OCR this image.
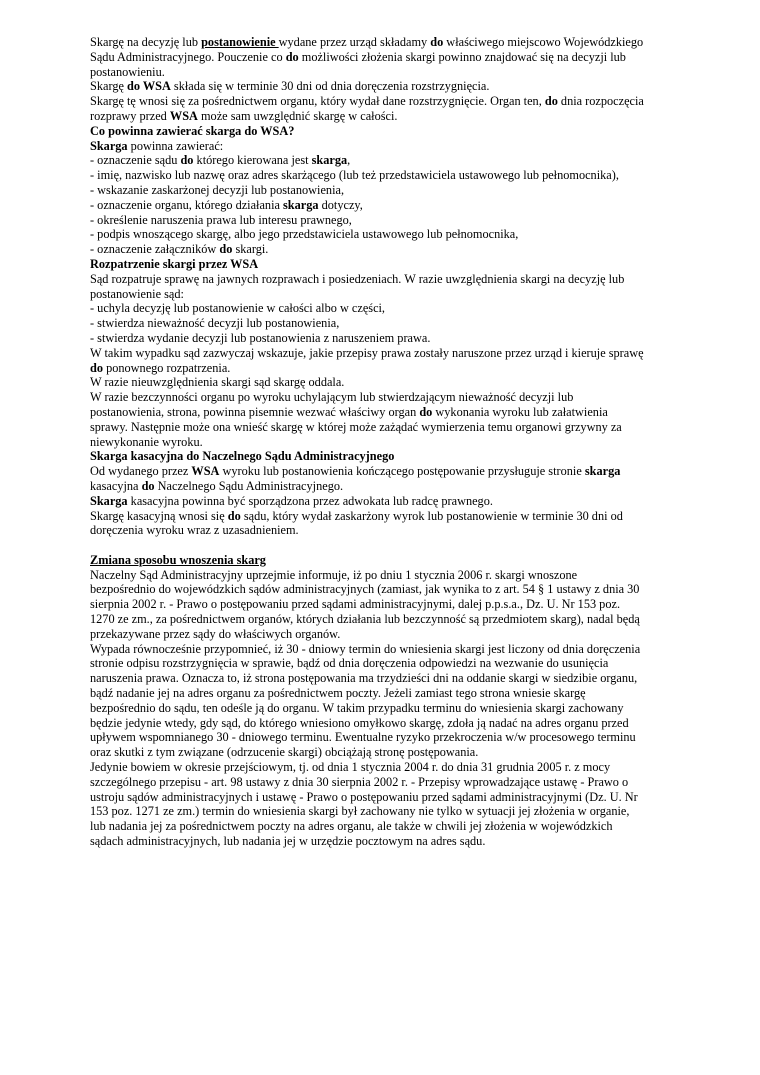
Skargę na decyzję lub postanowienie wydane przez urząd składamy do właściwego miejscowo Wojewódzkiego
Sądu Administracyjnego. Pouczenie co do możliwości złożenia skargi powinno znajdować się na decyzji lub
postanowieniu.
Skargę do WSA składa się w terminie 30 dni od dnia doręczenia rozstrzygnięcia.
Skargę tę wnosi się za pośrednictwem organu, który wydał dane rozstrzygnięcie. Organ ten, do dnia rozpoczęcia
rozprawy przed WSA może sam uwzględnić skargę w całości.
Co powinna zawierać skarga do WSA?
Skarga powinna zawierać:
- oznaczenie sądu do którego kierowana jest skarga,
- imię, nazwisko lub nazwę oraz adres skarżącego (lub też przedstawiciela ustawowego lub pełnomocnika),
- wskazanie zaskarżonej decyzji lub postanowienia,
- oznaczenie organu, którego działania skarga dotyczy,
- określenie naruszenia prawa lub interesu prawnego,
- podpis wnoszącego skargę, albo jego przedstawiciela ustawowego lub pełnomocnika,
- oznaczenie załączników do skargi.
Rozpatrzenie skargi przez WSA
Sąd rozpatruje sprawę na jawnych rozprawach i posiedzeniach. W razie uwzględnienia skargi na decyzję lub
postanowienie sąd:
- uchyla decyzję lub postanowienie w całości albo w części,
- stwierdza nieważność decyzji lub postanowienia,
- stwierdza wydanie decyzji lub postanowienia z naruszeniem prawa.
W takim wypadku sąd zazwyczaj wskazuje, jakie przepisy prawa zostały naruszone przez urząd i kieruje sprawę
do ponownego rozpatrzenia.
W razie nieuwzględnienia skargi sąd skargę oddala.
W razie bezczynności organu po wyroku uchylającym lub stwierdzającym nieważność decyzji lub
postanowienia, strona, powinna pisemnie wezwać właściwy organ do wykonania wyroku lub załatwienia
sprawy. Następnie może ona wnieść skargę w której może zażądać wymierzenia temu organowi grzywny za
niewykonanie wyroku.
Skarga kasacyjna do Naczelnego Sądu Administracyjnego
Od wydanego przez WSA wyroku lub postanowienia kończącego postępowanie przysługuje stronie skarga
kasacyjna do Naczelnego Sądu Administracyjnego.
Skarga kasacyjna powinna być sporządzona przez adwokata lub radcę prawnego.
Skargę kasacyjną wnosi się do sądu, który wydał zaskarżony wyrok lub postanowienie w terminie 30 dni od
doręczenia wyroku wraz z uzasadnieniem.
Zmiana sposobu wnoszenia skarg
Naczelny Sąd Administracyjny uprzejmie informuje, iż po dniu 1 stycznia 2006 r. skargi wnoszone
bezpośrednio do wojewódzkich sądów administracyjnych (zamiast, jak wynika to z art. 54 § 1 ustawy z dnia 30
sierpnia 2002 r. - Prawo o postępowaniu przed sądami administracyjnymi, dalej p.p.s.a., Dz. U. Nr 153 poz.
1270 ze zm., za pośrednictwem organów, których działania lub bezczynność są przedmiotem skarg), nadal będą
przekazywane przez sądy do właściwych organów.
Wypada równocześnie przypomnieć, iż 30 - dniowy termin do wniesienia skargi jest liczony od dnia doręczenia
stronie odpisu rozstrzygnięcia w sprawie, bądź od dnia doręczenia odpowiedzi na wezwanie do usunięcia
naruszenia prawa. Oznacza to, iż strona postępowania ma trzydzieści dni na oddanie skargi w siedzibie organu,
bądź nadanie jej na adres organu za pośrednictwem poczty. Jeżeli zamiast tego strona wniesie skargę
bezpośrednio do sądu, ten odeśle ją do organu. W takim przypadku terminu do wniesienia skargi zachowany
będzie jedynie wtedy, gdy sąd, do którego wniesiono omyłkowo skargę, zdoła ją nadać na adres organu przed
upływem wspomnianego 30 - dniowego terminu. Ewentualne ryzyko przekroczenia w/w procesowego terminu
oraz skutki z tym związane (odrzucenie skargi) obciążają stronę postępowania.
Jedynie bowiem w okresie przejściowym, tj. od dnia 1 stycznia 2004 r. do dnia 31 grudnia 2005 r. z mocy
szczególnego przepisu - art. 98 ustawy z dnia 30 sierpnia 2002 r. - Przepisy wprowadzające ustawę - Prawo o
ustroju sądów administracyjnych i ustawę - Prawo o postępowaniu przed sądami administracyjnymi (Dz. U. Nr
153 poz. 1271 ze zm.) termin do wniesienia skargi był zachowany nie tylko w sytuacji jej złożenia w organie,
lub nadania jej za pośrednictwem poczty na adres organu, ale także w chwili jej złożenia w wojewódzkich
sądach administracyjnych, lub nadania jej w urzędzie pocztowym na adres sądu.
